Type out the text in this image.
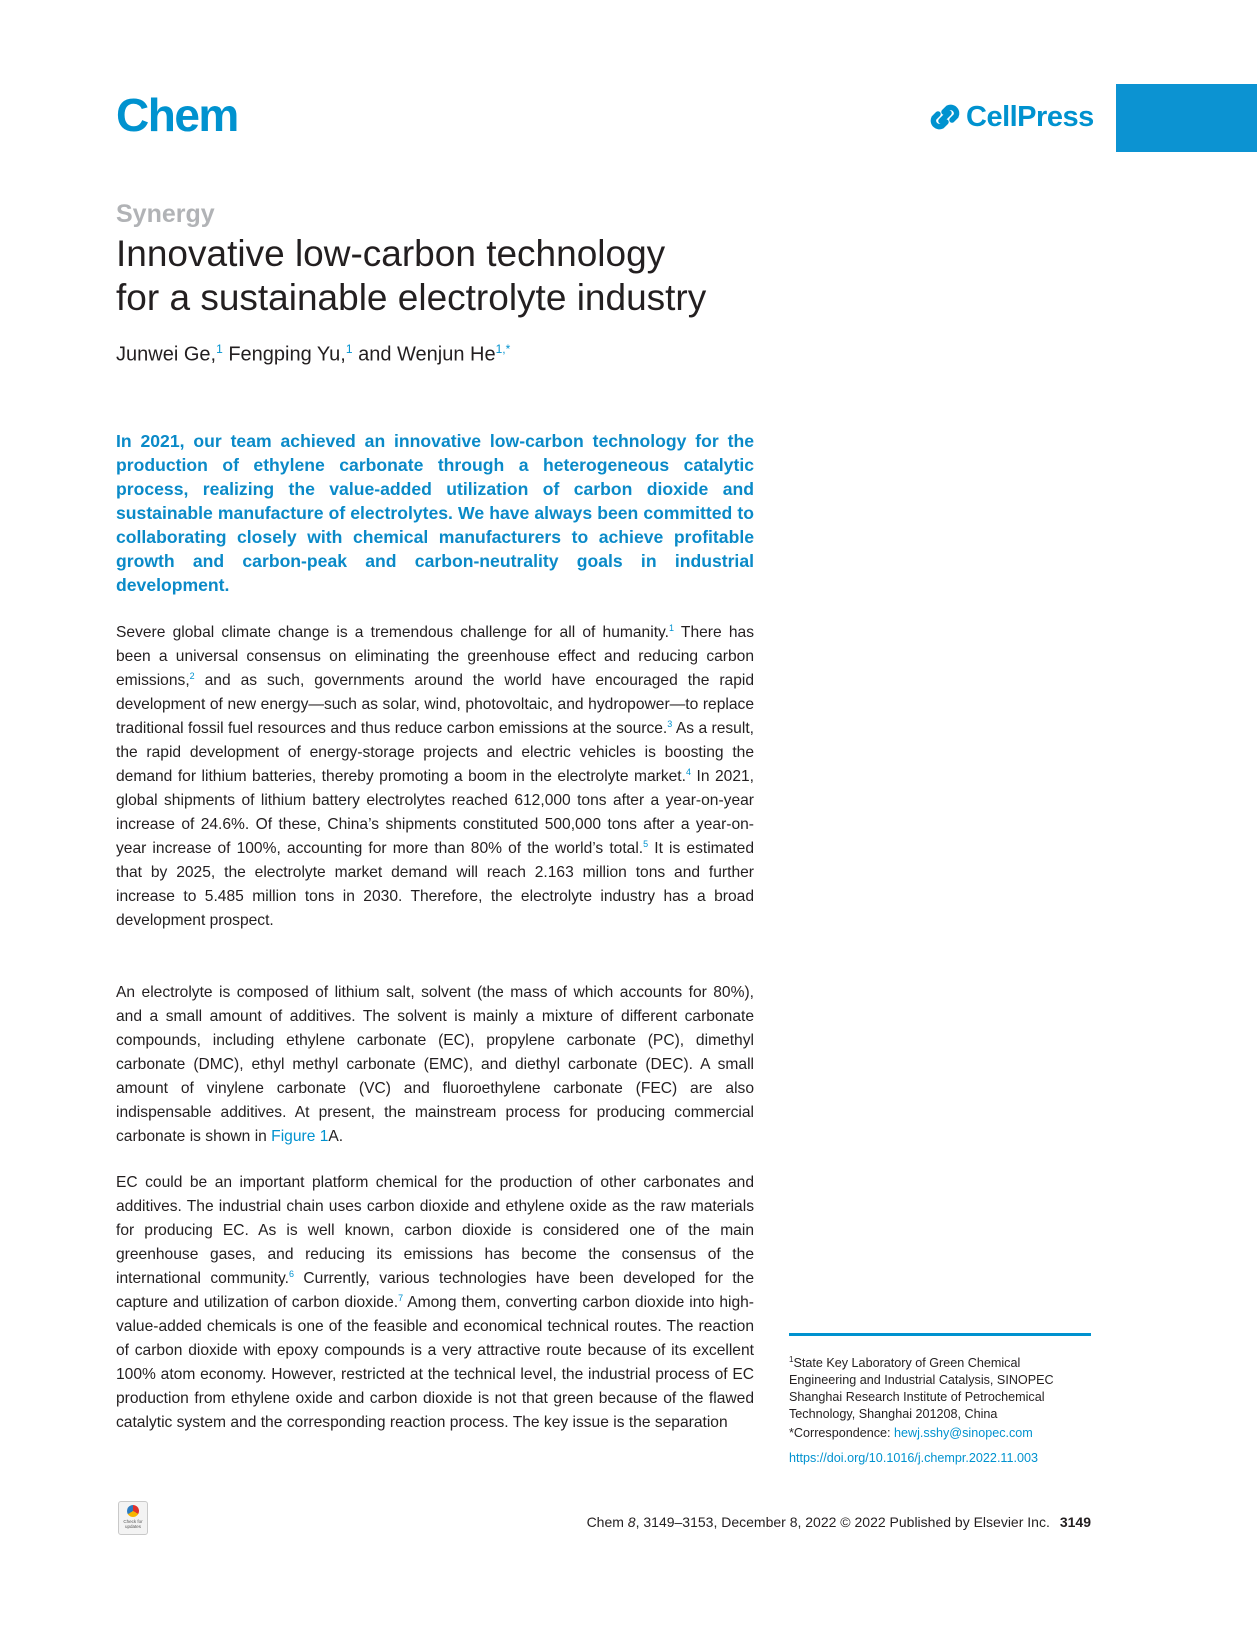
Chem	CellPress
Synergy
Innovative low-carbon technology
for a sustainable electrolyte industry
Junwei Ge,$^1$ Fengping Yu,$^1$ and Wenjun $He^{1,*}$

In 2021, our team achieved an innovative low-carbon technology for the production of ethylene carbonate through a heterogeneous catalytic process, realizing the value-added utilization of carbon dioxide and sustainable manufacture of electrolytes. We have always been committed to collaborating closely with chemical manufacturers to achieve profitable growth and carbon-peak and carbon-neutrality goals in industrial development.

Severe global climate change is a tremendous challenge for all of humanity.$^1$ There has been a universal consensus on eliminating the greenhouse effect and reducing carbon emissions,$^2$ and as such, governments around the world have encouraged the rapid development of new energy—such as solar, wind, photovoltaic, and hydropower—to replace traditional fossil fuel resources and thus reduce carbon emissions at the source.$^3$ As a result, the rapid development of energy-storage projects and electric vehicles is boosting the demand for lithium batteries, thereby promoting a boom in the electrolyte market.$^4$ In 2021, global shipments of lithium battery electrolytes reached 612,000 tons after a year-on-year increase of 24.6%. Of these, China’s shipments constituted 500,000 tons after a year-on-year increase of 100%, accounting for more than 80% of the world’s total.$^5$ It is estimated that by 2025, the electrolyte market demand will reach 2.163 million tons and further increase to 5.485 million tons in 2030. Therefore, the electrolyte industry has a broad development prospect.

An electrolyte is composed of lithium salt, solvent (the mass of which accounts for 80%), and a small amount of additives. The solvent is mainly a mixture of different carbonate compounds, including ethylene carbonate (EC), propylene carbonate (PC), dimethyl carbonate (DMC), ethyl methyl carbonate (EMC), and diethyl carbonate (DEC). A small amount of vinylene carbonate (VC) and fluoroethylene carbonate (FEC) are also indispensable additives. At present, the mainstream process for producing commercial carbonate is shown in Figure 1A.

EC could be an important platform chemical for the production of other carbonates and additives. The industrial chain uses carbon dioxide and ethylene oxide as the raw materials for producing EC. As is well known, carbon dioxide is considered one of the main greenhouse gases, and reducing its emissions has become the consensus of the international community.$^6$ Currently, various technologies have been developed for the capture and utilization of carbon dioxide.$^7$ Among them, converting carbon dioxide into high-value-added chemicals is one of the feasible and economical technical routes. The reaction of carbon dioxide with epoxy compounds is a very attractive route because of its excellent 100% atom economy. However, restricted at the technical level, the industrial process of EC production from ethylene oxide and carbon dioxide is not that green because of the flawed catalytic system and the corresponding reaction process. The key issue is the separation

$^1$State Key Laboratory of Green Chemical Engineering and Industrial Catalysis, SINOPEC Shanghai Research Institute of Petrochemical Technology, Shanghai 201208, China

*Correspondence: hewj.sshy@sinopec.com
https://doi.org/10.1016/j.chempr.2022.11.003
Check for updates	Chem 8, 3149–3153, December 8, 2022 © 2022 Published by Elsevier Inc. 3149
